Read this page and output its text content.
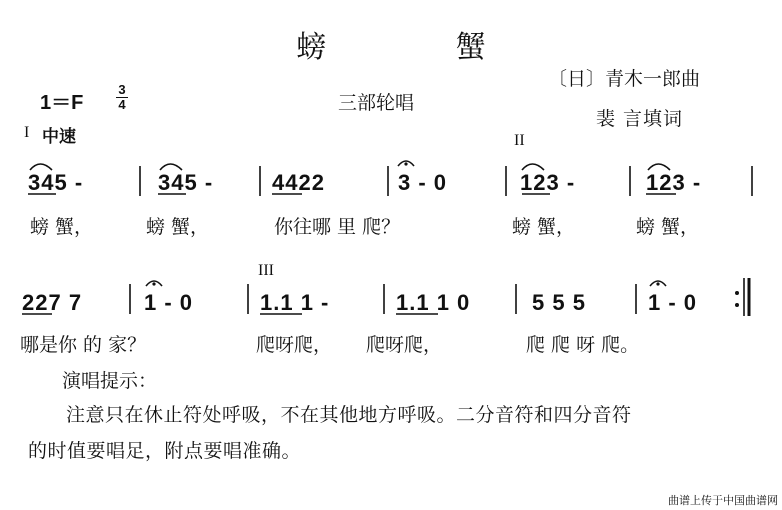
螃 蟹
1＝F
3
4	三部轮唱
〔日〕青木一郎曲
裴 言填词
I 中速	II
III
345 -	345 -	4422	3 - 0	123 -	123 -
螃 蟹，	螃 蟹，	你往哪 里 爬？	螃 蟹，	螃 蟹，
227 7	1 - 0	1.1 1 -	1.1 1 0	5 5 5	1 - 0
哪是你 的 家？	爬呀爬， 爬呀爬，	爬 爬 呀 爬。
演唱提示：
注意只在休止符处呼吸，不在其他地方呼吸。二分音符和四分音符
的时值要唱足，附点要唱准确。
曲谱上传于中国曲谱网
